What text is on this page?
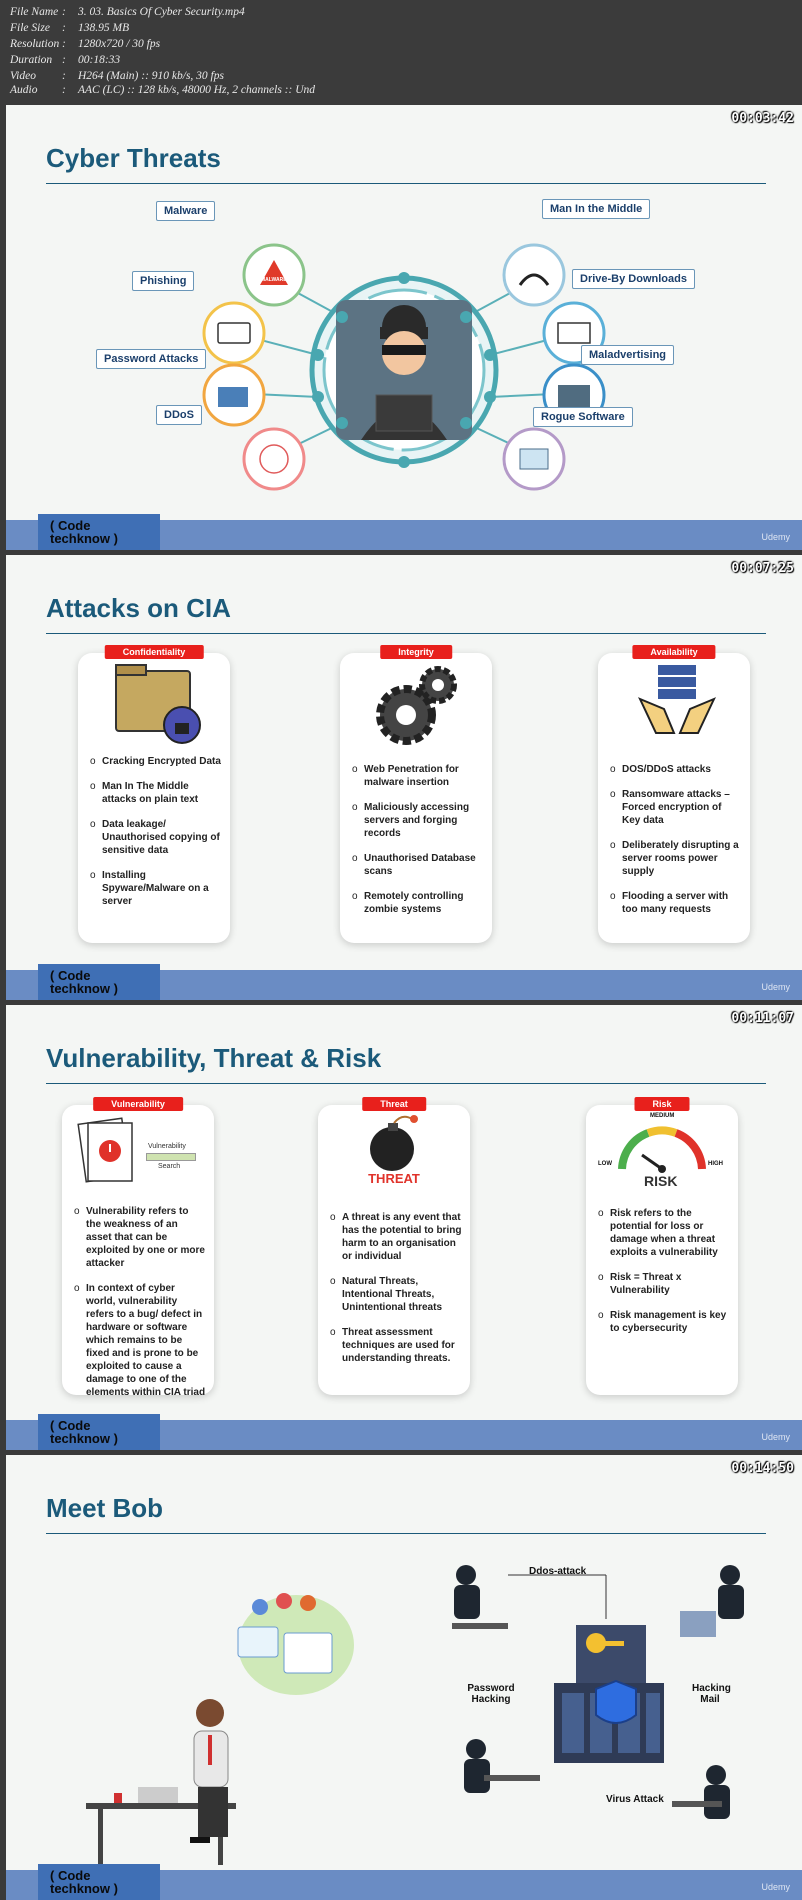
File Name : 3. 03. Basics Of Cyber Security.mp4
File Size : 138.95 MB
Resolution : 1280x720 / 30 fps
Duration : 00:18:33
Video : H264 (Main) :: 910 kb/s, 30 fps
Audio : AAC (LC) :: 128 kb/s, 48000 Hz, 2 channels :: Und
00:03:42
Cyber Threats
MALWARE
Malware
Phishing
Password Attacks
DDoS
Man In the Middle
Drive-By Downloads
Maladvertising
Rogue Software
( Code
techknow )	Udemy
00:07:25
Attacks on CIA
Confidentiality
o Cracking Encrypted Data
o Man In The Middle attacks on plain text
o Data leakage/ Unauthorised copying of sensitive data
o Installing Spyware/Malware on a server
Integrity
o Web Penetration for malware insertion
o Maliciously accessing servers and forging records
o Unauthorised Database scans
o Remotely controlling zombie systems
Availability
o DOS/DDoS attacks
o Ransomware attacks – Forced encryption of Key data
o Deliberately disrupting a server rooms power supply
o Flooding a server with too many requests
( Code
techknow )	Udemy
00:11:07
Vulnerability, Threat & Risk
Vulnerability
Vulnerability
Search
o Vulnerability refers to the weakness of an asset that can be exploited by one or more attacker
o In context of cyber world, vulnerability refers to a bug/ defect in hardware or software which remains to be fixed and is prone to be exploited to cause a damage to one of the elements within CIA triad
Threat
THREAT
o A threat is any event that has the potential to bring harm to an organisation or individual
o Natural Threats, Intentional Threats, Unintentional threats
o Threat assessment techniques are used for understanding threats.
Risk
MEDIUM
LOW	HIGH
RISK
o Risk refers to the potential for loss or damage when a threat exploits a vulnerability
o Risk = Threat x Vulnerability
o Risk management is key to cybersecurity
( Code
techknow )	Udemy
00:14:50
Meet Bob
Ddos-attack
Password Hacking
Hacking Mail
Virus Attack
( Code
techknow )	Udemy
